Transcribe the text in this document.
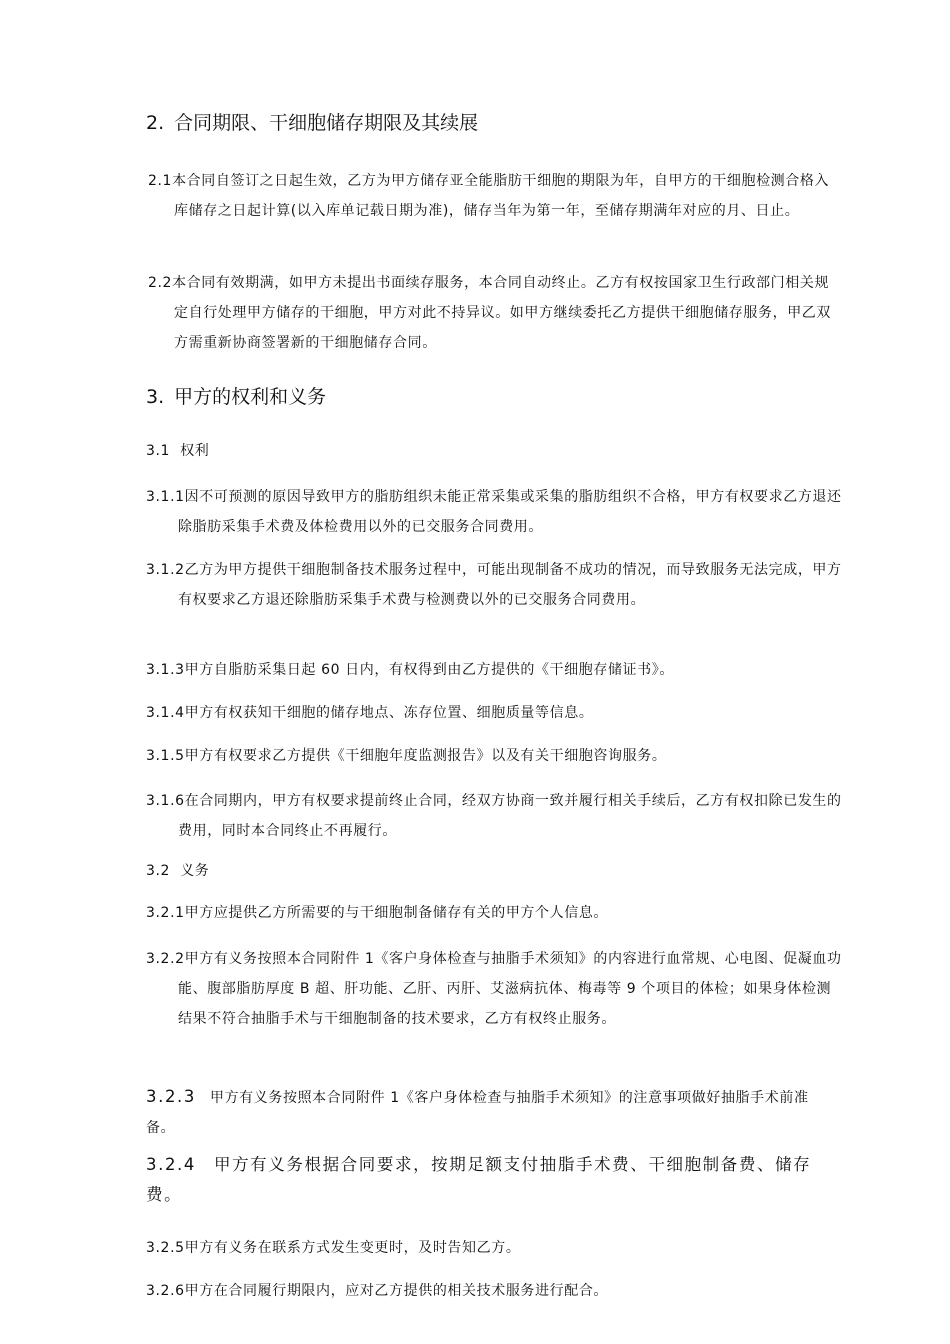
2. 合同期限、干细胞储存期限及其续展

2.1本合同自签订之日起生效，乙方为甲方储存亚全能脂肪干细胞的期限为年，自甲方的干细胞检测合格入库储存之日起计算(以入库单记载日期为准)，储存当年为第一年，至储存期满年对应的月、日止。

2.2本合同有效期满，如甲方未提出书面续存服务，本合同自动终止。乙方有权按国家卫生行政部门相关规定自行处理甲方储存的干细胞，甲方对此不持异议。如甲方继续委托乙方提供干细胞储存服务，甲乙双方需重新协商签署新的干细胞储存合同。

3. 甲方的权利和义务

3.1 权利

3.1.1因不可预测的原因导致甲方的脂肪组织未能正常采集或采集的脂肪组织不合格，甲方有权要求乙方退还除脂肪采集手术费及体检费用以外的已交服务合同费用。

3.1.2乙方为甲方提供干细胞制备技术服务过程中，可能出现制备不成功的情况，而导致服务无法完成，甲方有权要求乙方退还除脂肪采集手术费与检测费以外的已交服务合同费用。

3.1.3甲方自脂肪采集日起 60 日内，有权得到由乙方提供的《干细胞存储证书》。

3.1.4甲方有权获知干细胞的储存地点、冻存位置、细胞质量等信息。

3.1.5甲方有权要求乙方提供《干细胞年度监测报告》以及有关干细胞咨询服务。

3.1.6在合同期内，甲方有权要求提前终止合同，经双方协商一致并履行相关手续后，乙方有权扣除已发生的费用，同时本合同终止不再履行。

3.2 义务

3.2.1甲方应提供乙方所需要的与干细胞制备储存有关的甲方个人信息。

3.2.2甲方有义务按照本合同附件 1《客户身体检查与抽脂手术须知》的内容进行血常规、心电图、促凝血功能、腹部脂肪厚度 B 超、肝功能、乙肝、丙肝、艾滋病抗体、梅毒等 9 个项目的体检；如果身体检测结果不符合抽脂手术与干细胞制备的技术要求，乙方有权终止服务。

3.2.3 甲方有义务按照本合同附件 1《客户身体检查与抽脂手术须知》的注意事项做好抽脂手术前准备。

3.2.4 甲方有义务根据合同要求，按期足额支付抽脂手术费、干细胞制备费、储存费。

3.2.5甲方有义务在联系方式发生变更时，及时告知乙方。

3.2.6甲方在合同履行期限内，应对乙方提供的相关技术服务进行配合。
